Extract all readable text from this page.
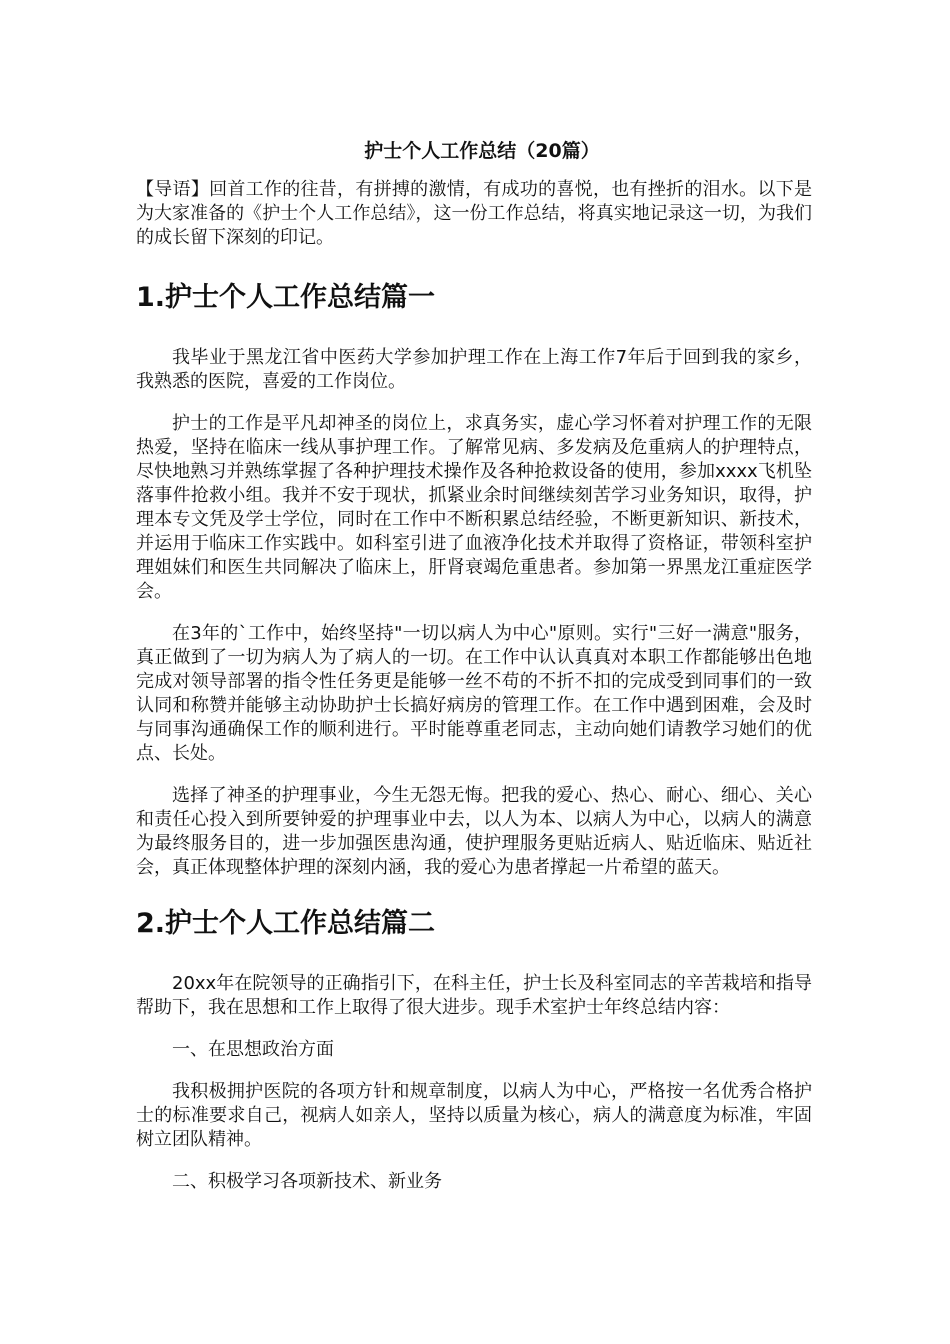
护士个人工作总结（20篇）

【导语】回首工作的往昔，有拼搏的激情，有成功的喜悦，也有挫折的泪水。以下是为大家准备的《护士个人工作总结》，这一份工作总结，将真实地记录这一切，为我们的成长留下深刻的印记。

1.护士个人工作总结篇一

我毕业于黑龙江省中医药大学参加护理工作在上海工作7年后于回到我的家乡，我熟悉的医院，喜爱的工作岗位。

护士的工作是平凡却神圣的岗位上，求真务实，虚心学习怀着对护理工作的无限热爱，坚持在临床一线从事护理工作。了解常见病、多发病及危重病人的护理特点，尽快地熟习并熟练掌握了各种护理技术操作及各种抢救设备的使用，参加xxxx飞机坠落事件抢救小组。我并不安于现状，抓紧业余时间继续刻苦学习业务知识，取得，护理本专文凭及学士学位，同时在工作中不断积累总结经验，不断更新知识、新技术，并运用于临床工作实践中。如科室引进了血液净化技术并取得了资格证，带领科室护理姐妹们和医生共同解决了临床上，肝肾衰竭危重患者。参加第一界黑龙江重症医学会。

在3年的`工作中，始终坚持"一切以病人为中心"原则。实行"三好一满意"服务，真正做到了一切为病人为了病人的一切。在工作中认认真真对本职工作都能够出色地完成对领导部署的指令性任务更是能够一丝不苟的不折不扣的完成受到同事们的一致认同和称赞并能够主动协助护士长搞好病房的管理工作。在工作中遇到困难，会及时与同事沟通确保工作的顺利进行。平时能尊重老同志，主动向她们请教学习她们的优点、长处。

选择了神圣的护理事业，今生无怨无悔。把我的爱心、热心、耐心、细心、关心和责任心投入到所要钟爱的护理事业中去，以人为本、以病人为中心，以病人的满意为最终服务目的，进一步加强医患沟通，使护理服务更贴近病人、贴近临床、贴近社会，真正体现整体护理的深刻内涵，我的爱心为患者撑起一片希望的蓝天。

2.护士个人工作总结篇二

20xx年在院领导的正确指引下，在科主任，护士长及科室同志的辛苦栽培和指导帮助下，我在思想和工作上取得了很大进步。现手术室护士年终总结内容：

一、在思想政治方面

我积极拥护医院的各项方针和规章制度，以病人为中心，严格按一名优秀合格护士的标准要求自己，视病人如亲人，坚持以质量为核心，病人的满意度为标准，牢固树立团队精神。

二、积极学习各项新技术、新业务
